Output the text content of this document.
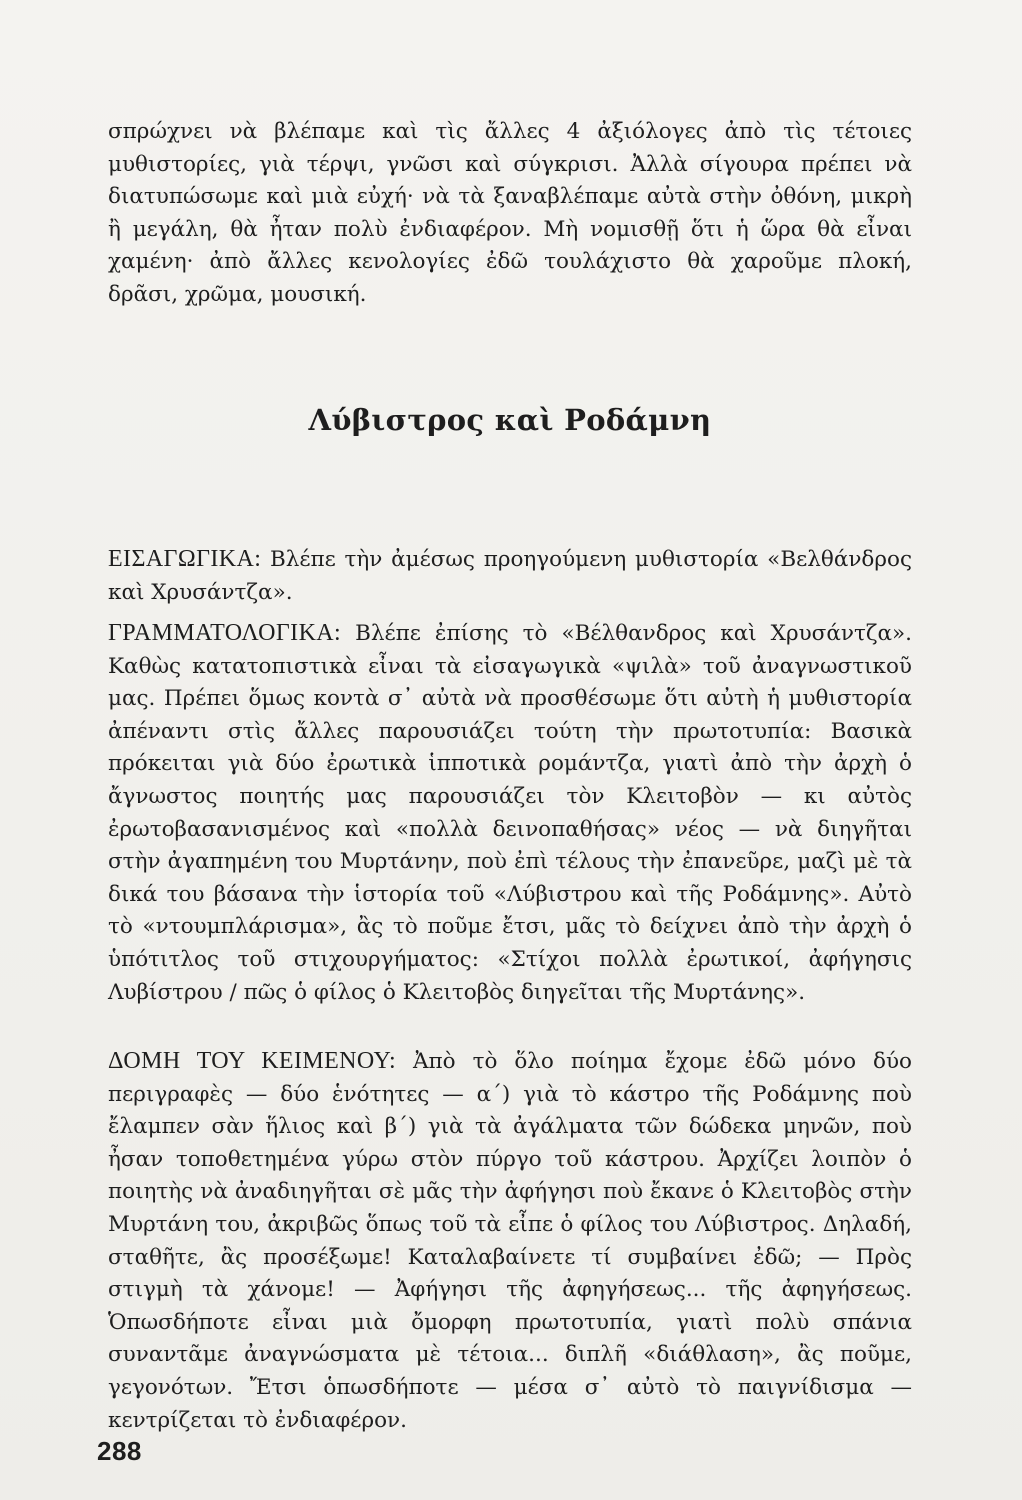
σπρώχνει νὰ βλέπαμε καὶ τὶς ἄλλες 4 ἀξιόλογες ἀπὸ τὶς τέτοιες μυθιστορίες, γιὰ τέρψι, γνῶσι καὶ σύγκρισι. Ἀλλὰ σίγουρα πρέπει νὰ διατυπώσωμε καὶ μιὰ εὐχή· νὰ τὰ ξαναβλέπαμε αὐτὰ στὴν ὀθόνη, μικρὴ ἢ μεγάλη, θὰ ἦταν πολὺ ἐνδιαφέρον. Μὴ νομισθῇ ὅτι ἡ ὥρα θὰ εἶναι χαμένη· ἀπὸ ἄλλες κενολογίες ἐδῶ τουλάχιστο θὰ χαροῦμε πλοκή, δρᾶσι, χρῶμα, μουσική.

Λύβιστρος καὶ Ροδάμνη

ΕΙΣΑΓΩΓΙΚΑ: Βλέπε τὴν ἀμέσως προηγούμενη μυθιστορία «Βελθάνδρος καὶ Χρυσάντζα».

ΓΡΑΜΜΑΤΟΛΟΓΙΚΑ: Βλέπε ἐπίσης τὸ «Βέλθανδρος καὶ Χρυσάντζα». Καθὼς κατατοπιστικὰ εἶναι τὰ εἰσαγωγικὰ «ψιλὰ» τοῦ ἀναγνωστικοῦ μας. Πρέπει ὅμως κοντὰ σ᾽ αὐτὰ νὰ προσθέσωμε ὅτι αὐτὴ ἡ μυθιστορία ἀπέναντι στὶς ἄλλες παρουσιάζει τούτη τὴν πρωτοτυπία: Βασικὰ πρόκειται γιὰ δύο ἐρωτικὰ ἱπποτικὰ ρομάντζα, γιατὶ ἀπὸ τὴν ἀρχὴ ὁ ἄγνωστος ποιητής μας παρουσιάζει τὸν Κλειτοβὸν — κι αὐτὸς ἐρωτοβασανισμένος καὶ «πολλὰ δεινοπαθήσας» νέος — νὰ διηγῆται στὴν ἀγαπημένη του Μυρτάνην, ποὺ ἐπὶ τέλους τὴν ἐπανεῦρε, μαζὶ μὲ τὰ δικά του βάσανα τὴν ἱστορία τοῦ «Λύβιστρου καὶ τῆς Ροδάμνης». Αὐτὸ τὸ «ντουμπλάρισμα», ἂς τὸ ποῦμε ἔτσι, μᾶς τὸ δείχνει ἀπὸ τὴν ἀρχὴ ὁ ὑπότιτλος τοῦ στιχουργήματος: «Στίχοι πολλὰ ἐρωτικοί, ἀφήγησις Λυβίστρου / πῶς ὁ φίλος ὁ Κλειτοβὸς διηγεῖται τῆς Μυρτάνης».

ΔΟΜΗ ΤΟΥ ΚΕΙΜΕΝΟΥ: Ἀπὸ τὸ ὅλο ποίημα ἔχομε ἐδῶ μόνο δύο περιγραφὲς — δύο ἑνότητες — α´) γιὰ τὸ κάστρο τῆς Ροδάμνης ποὺ ἔλαμπεν σὰν ἥλιος καὶ β´) γιὰ τὰ ἀγάλματα τῶν δώδεκα μηνῶν, ποὺ ἦσαν τοποθετημένα γύρω στὸν πύργο τοῦ κάστρου. Ἀρχίζει λοιπὸν ὁ ποιητὴς νὰ ἀναδιηγῆται σὲ μᾶς τὴν ἀφήγησι ποὺ ἔκανε ὁ Κλειτοβὸς στὴν Μυρτάνη του, ἀκριβῶς ὅπως τοῦ τὰ εἶπε ὁ φίλος του Λύβιστρος. Δηλαδή, σταθῆτε, ἂς προσέξωμε! Καταλαβαίνετε τί συμβαίνει ἐδῶ; — Πρὸς στιγμὴ τὰ χάνομε! — Ἀφήγησι τῆς ἀφηγήσεως... τῆς ἀφηγήσεως. Ὁπωσδήποτε εἶναι μιὰ ὄμορφη πρωτοτυπία, γιατὶ πολὺ σπάνια συναντᾶμε ἀναγνώσματα μὲ τέτοια... διπλῆ «διάθλαση», ἂς ποῦμε, γεγονότων. Ἔτσι ὁπωσδήποτε — μέσα σ᾽ αὐτὸ τὸ παιγνίδισμα — κεντρίζεται τὸ ἐνδιαφέρον.

288
